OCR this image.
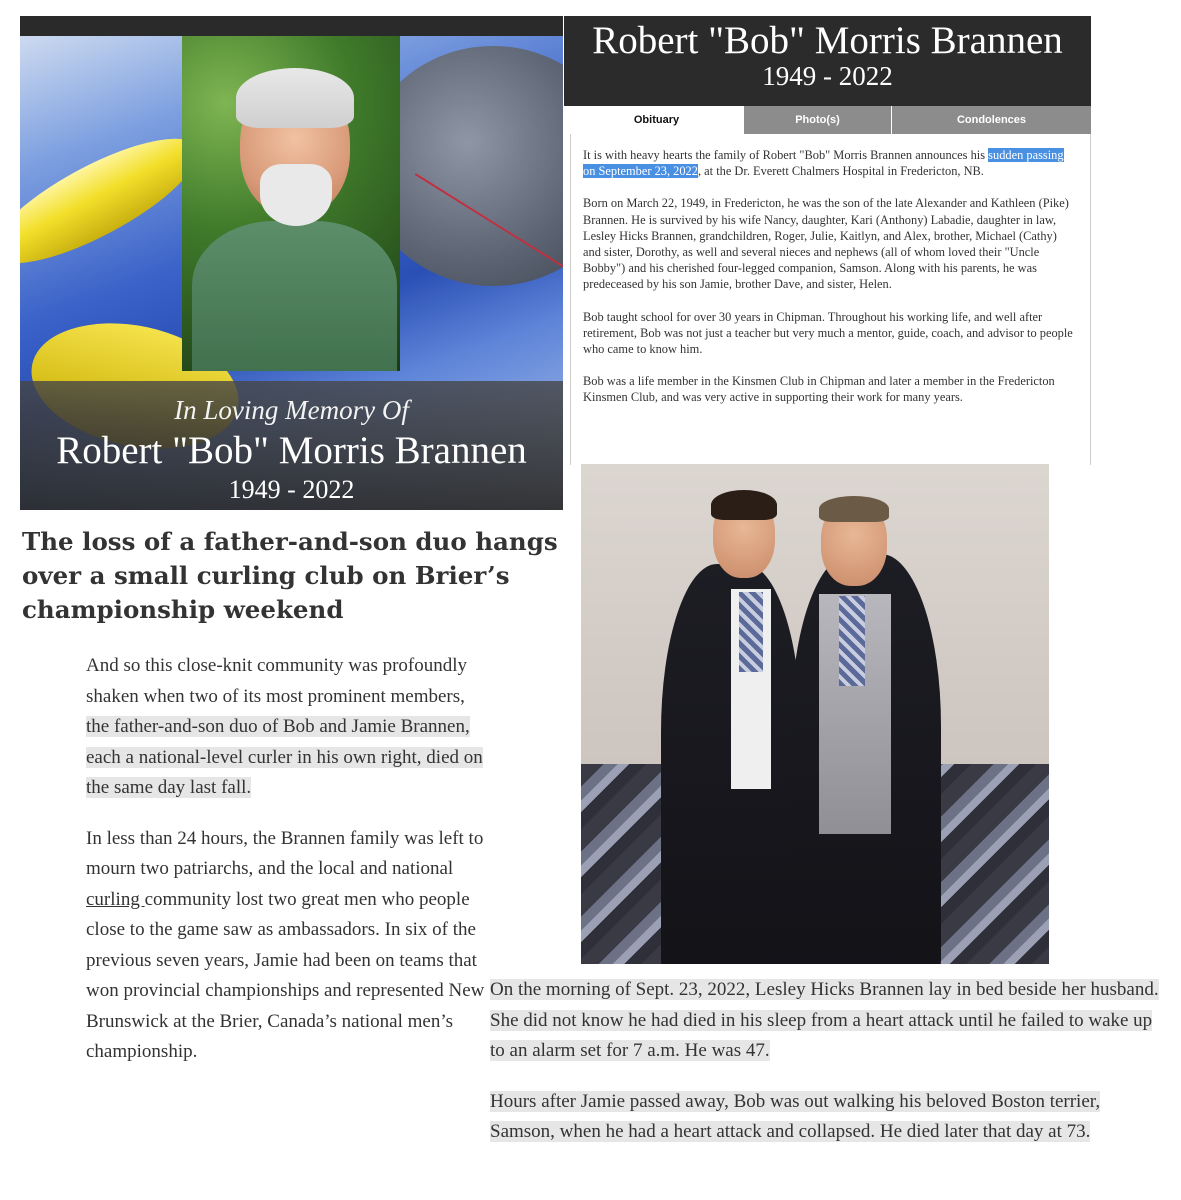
In Loving Memory Of
Robert "Bob" Morris Brannen
1949 - 2022
Robert "Bob" Morris Brannen
1949 - 2022
Obituary	Photo(s)	Condolences

It is with heavy hearts the family of Robert "Bob" Morris Brannen announces his sudden passing on September 23, 2022, at the Dr. Everett Chalmers Hospital in Fredericton, NB.

Born on March 22, 1949, in Fredericton, he was the son of the late Alexander and Kathleen (Pike) Brannen. He is survived by his wife Nancy, daughter, Kari (Anthony) Labadie, daughter in law, Lesley Hicks Brannen, grandchildren, Roger, Julie, Kaitlyn, and Alex, brother, Michael (Cathy) and sister, Dorothy, as well and several nieces and nephews (all of whom loved their "Uncle Bobby") and his cherished four-legged companion, Samson. Along with his parents, he was predeceased by his son Jamie, brother Dave, and sister, Helen.

Bob taught school for over 30 years in Chipman. Throughout his working life, and well after retirement, Bob was not just a teacher but very much a mentor, guide, coach, and advisor to people who came to know him.

Bob was a life member in the Kinsmen Club in Chipman and later a member in the Fredericton Kinsmen Club, and was very active in supporting their work for many years.

The loss of a father-and-son duo hangs over a small curling club on Brier’s championship weekend

And so this close-knit community was profoundly shaken when two of its most prominent members, the father-and-son duo of Bob and Jamie Brannen, each a national-level curler in his own right, died on the same day last fall.

In less than 24 hours, the Brannen family was left to mourn two patriarchs, and the local and national curling community lost two great men who people close to the game saw as ambassadors. In six of the previous seven years, Jamie had been on teams that won provincial championships and represented New Brunswick at the Brier, Canada’s national men’s championship.

On the morning of Sept. 23, 2022, Lesley Hicks Brannen lay in bed beside her husband. She did not know he had died in his sleep from a heart attack until he failed to wake up to an alarm set for 7 a.m. He was 47.

Hours after Jamie passed away, Bob was out walking his beloved Boston terrier, Samson, when he had a heart attack and collapsed. He died later that day at 73.
